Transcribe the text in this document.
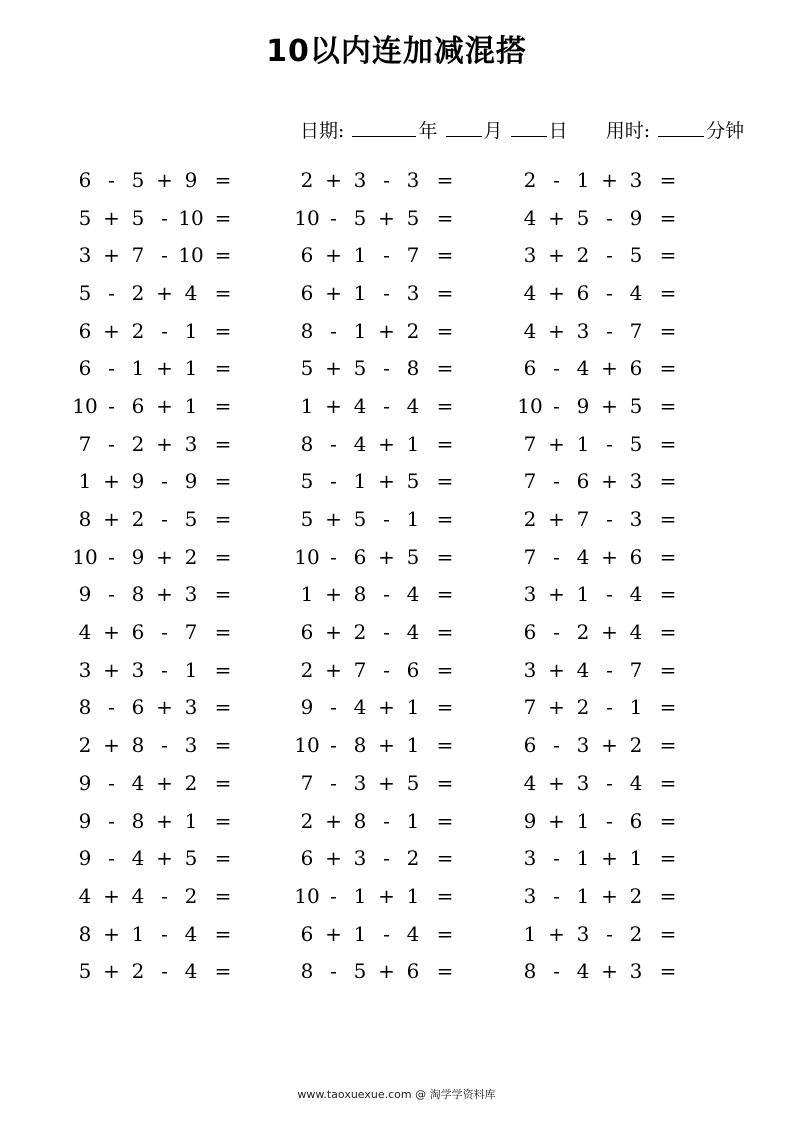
10以内连加减混搭
日期:	年 月 日 用时:	分钟
6 - 5 + 9 =	2 + 3 - 3 =	2 - 1 + 3 =
5 + 5 - 10 =	10 - 5 + 5 =	4 + 5 - 9 =
3 + 7 - 10 =	6 + 1 - 7 =	3 + 2 - 5 =
5 - 2 + 4 =	6 + 1 - 3 =	4 + 6 - 4 =
6 + 2 - 1 =	8 - 1 + 2 =	4 + 3 - 7 =
6 - 1 + 1 =	5 + 5 - 8 =	6 - 4 + 6 =
10 - 6 + 1 =	1 + 4 - 4 =	10 - 9 + 5 =
7 - 2 + 3 =	8 - 4 + 1 =	7 + 1 - 5 =
1 + 9 - 9 =	5 - 1 + 5 =	7 - 6 + 3 =
8 + 2 - 5 =	5 + 5 - 1 =	2 + 7 - 3 =
10 - 9 + 2 =	10 - 6 + 5 =	7 - 4 + 6 =
9 - 8 + 3 =	1 + 8 - 4 =	3 + 1 - 4 =
4 + 6 - 7 =	6 + 2 - 4 =	6 - 2 + 4 =
3 + 3 - 1 =	2 + 7 - 6 =	3 + 4 - 7 =
8 - 6 + 3 =	9 - 4 + 1 =	7 + 2 - 1 =
2 + 8 - 3 =	10 - 8 + 1 =	6 - 3 + 2 =
9 - 4 + 2 =	7 - 3 + 5 =	4 + 3 - 4 =
9 - 8 + 1 =	2 + 8 - 1 =	9 + 1 - 6 =
9 - 4 + 5 =	6 + 3 - 2 =	3 - 1 + 1 =
4 + 4 - 2 =	10 - 1 + 1 =	3 - 1 + 2 =
8 + 1 - 4 =	6 + 1 - 4 =	1 + 3 - 2 =
5 + 2 - 4 =	8 - 5 + 6 =	8 - 4 + 3 =
www.taoxuexue.com @ 淘学学资料库
